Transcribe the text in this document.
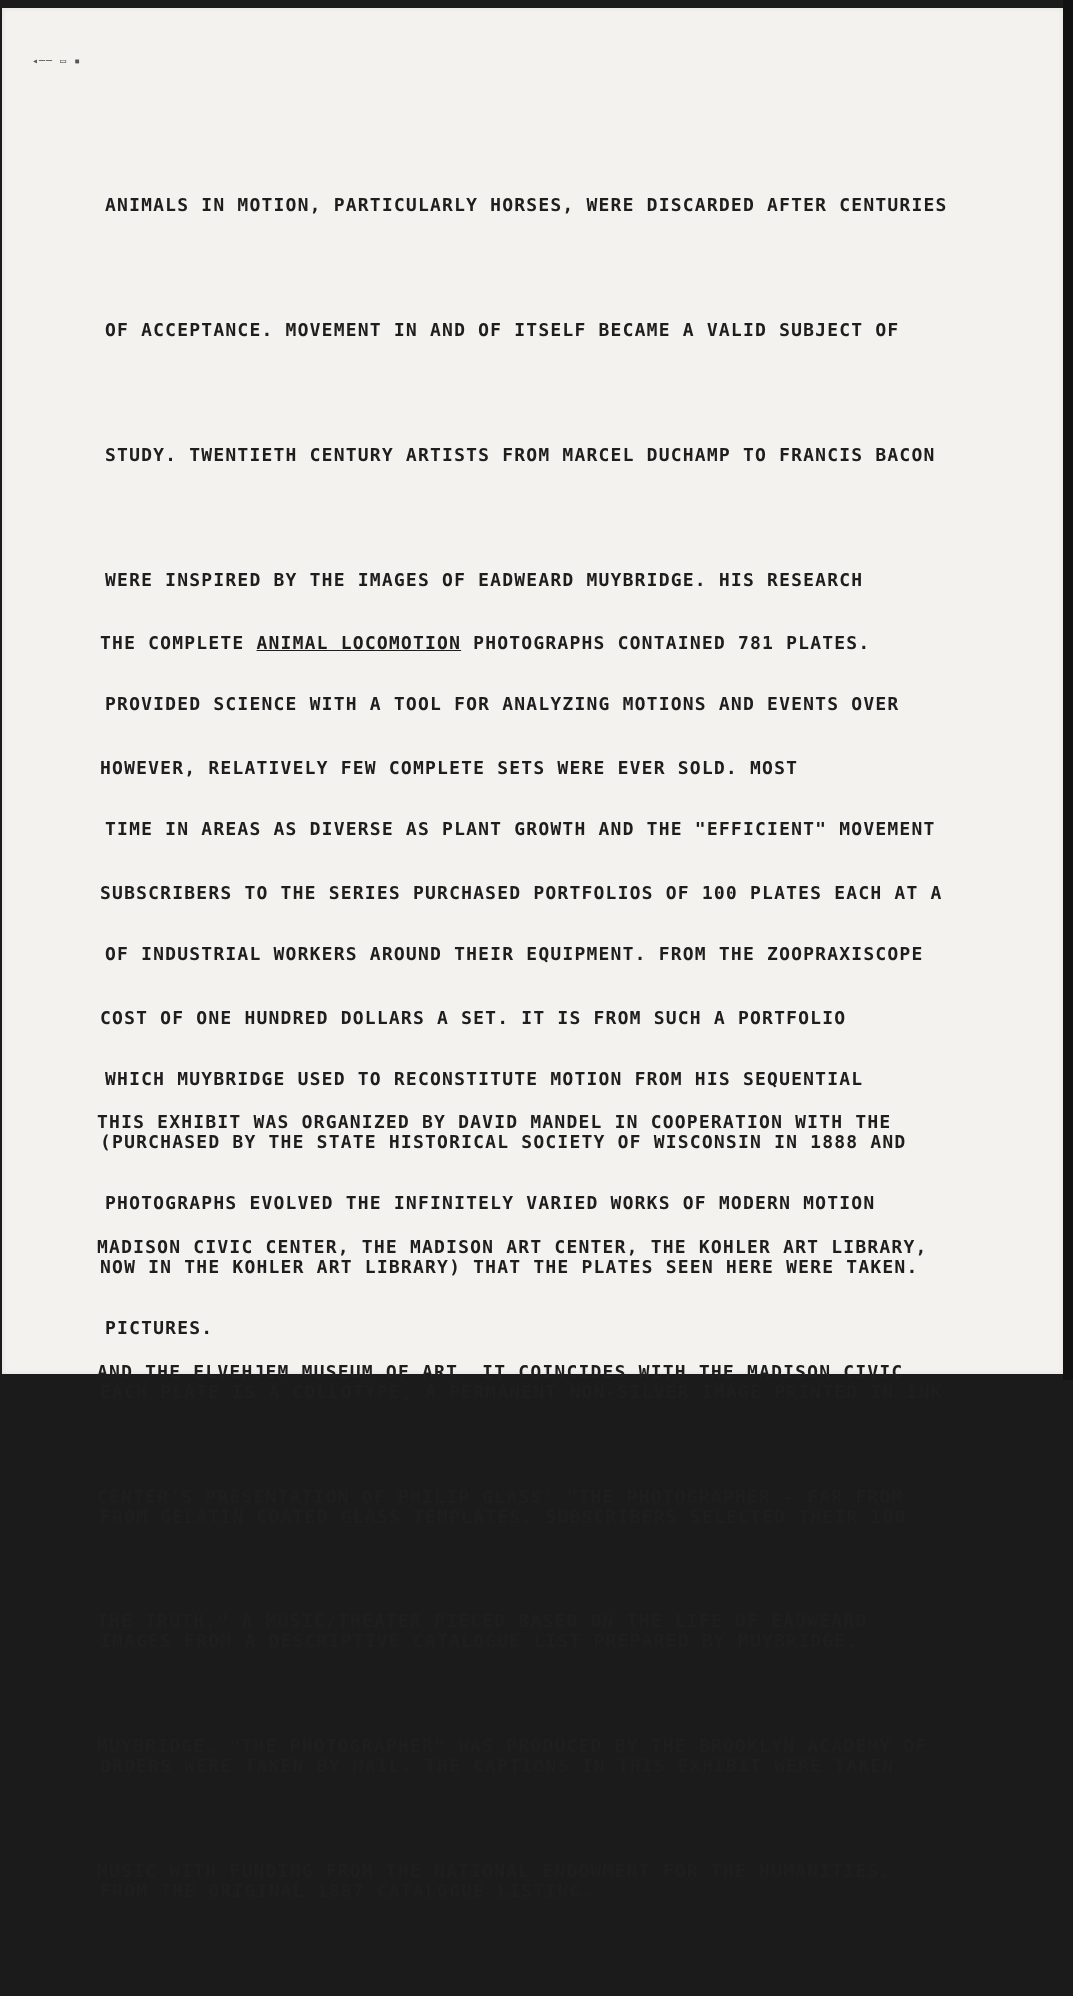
◂── ▭ ▪

ANIMALS IN MOTION, PARTICULARLY HORSES, WERE DISCARDED AFTER CENTURIES

OF ACCEPTANCE. MOVEMENT IN AND OF ITSELF BECAME A VALID SUBJECT OF

STUDY. TWENTIETH CENTURY ARTISTS FROM MARCEL DUCHAMP TO FRANCIS BACON

WERE INSPIRED BY THE IMAGES OF EADWEARD MUYBRIDGE. HIS RESEARCH

PROVIDED SCIENCE WITH A TOOL FOR ANALYZING MOTIONS AND EVENTS OVER

TIME IN AREAS AS DIVERSE AS PLANT GROWTH AND THE "EFFICIENT" MOVEMENT

OF INDUSTRIAL WORKERS AROUND THEIR EQUIPMENT. FROM THE ZOOPRAXISCOPE

WHICH MUYBRIDGE USED TO RECONSTITUTE MOTION FROM HIS SEQUENTIAL

PHOTOGRAPHS EVOLVED THE INFINITELY VARIED WORKS OF MODERN MOTION

PICTURES.

THE COMPLETE ANIMAL LOCOMOTION PHOTOGRAPHS CONTAINED 781 PLATES.

HOWEVER, RELATIVELY FEW COMPLETE SETS WERE EVER SOLD. MOST

SUBSCRIBERS TO THE SERIES PURCHASED PORTFOLIOS OF 100 PLATES EACH AT A

COST OF ONE HUNDRED DOLLARS A SET. IT IS FROM SUCH A PORTFOLIO

(PURCHASED BY THE STATE HISTORICAL SOCIETY OF WISCONSIN IN 1888 AND

NOW IN THE KOHLER ART LIBRARY) THAT THE PLATES SEEN HERE WERE TAKEN.

EACH PLATE IS A COLLOTYPE, A PERMANENT NON-SILVER IMAGE PRINTED IN INK

FROM GELATIN COATED GLASS TEMPLATES. SUBSCRIBERS SELECTED THEIR 100

IMAGES FROM A DESCRIPTIVE CATALOGUE LIST PREPARED BY MUYBRIDGE.

ORDERS WERE TAKEN BY MAIL. THE CAPTIONS IN THIS EXHIBIT WERE TAKEN

FROM THE ORIGINAL 1887 CATALOGUE LISTING.

THIS EXHIBIT WAS ORGANIZED BY DAVID MANDEL IN COOPERATION WITH THE

MADISON CIVIC CENTER, THE MADISON ART CENTER, THE KOHLER ART LIBRARY,

AND THE ELVEHJEM MUSEUM OF ART. IT COINCIDES WITH THE MADISON CIVIC

CENTER'S PRESENTATION OF PHILIP GLASS' "THE PHOTOGRAPHER - FAR FROM

THE TRUTH," A MUSIC/THEATER PIECED BASED ON THE LIFE OF EADWEARD

MUYBRIDGE. "THE PHOTOGRAPHER" WAS PRODUCED BY THE BROOKLYN ACADEMY OF

MUSIC WITH FUNDING FROM THE NATIONAL ENDOWMENT FOR THE HUMANITIES.
